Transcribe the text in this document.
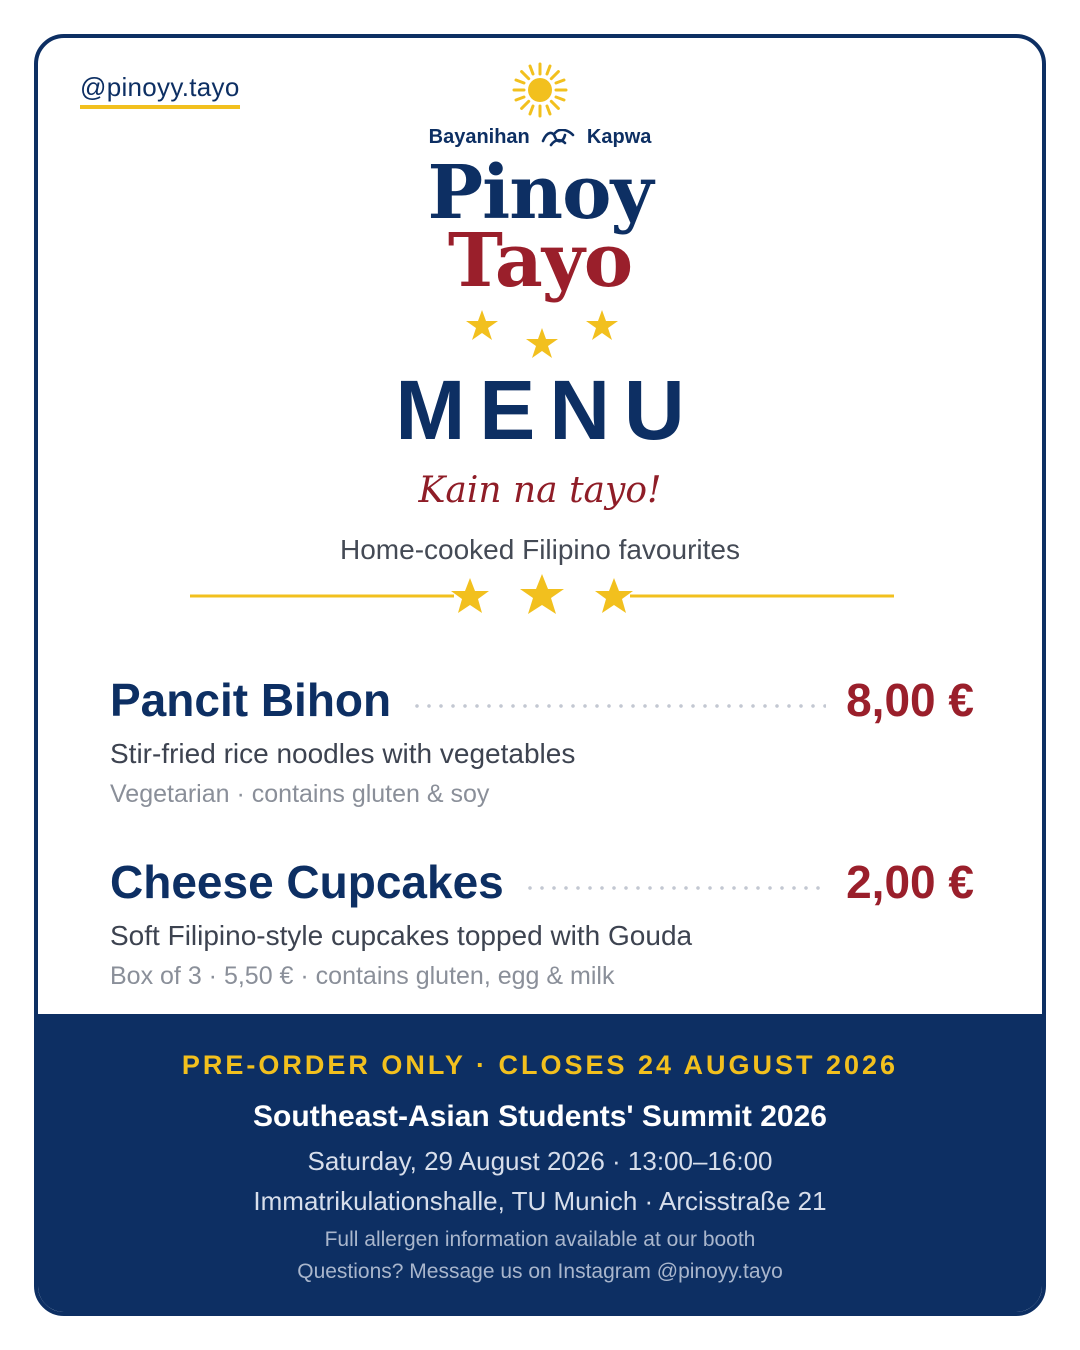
@pinoyy.tayo
Bayanihan	Kapwa
Pinoy
Tayo
MENU
Kain na tayo!
Home-cooked Filipino favourites
Pancit Bihon	8,00 €
Stir-fried rice noodles with vegetables
Vegetarian · contains gluten & soy
Cheese Cupcakes	2,00 €
Soft Filipino-style cupcakes topped with Gouda
Box of 3 · 5,50 € · contains gluten, egg & milk
PRE-ORDER ONLY · CLOSES 24 AUGUST 2026
Southeast-Asian Students' Summit 2026
Saturday, 29 August 2026 · 13:00–16:00
Immatrikulationshalle, TU Munich · Arcisstraße 21
Full allergen information available at our booth
Questions? Message us on Instagram @pinoyy.tayo
